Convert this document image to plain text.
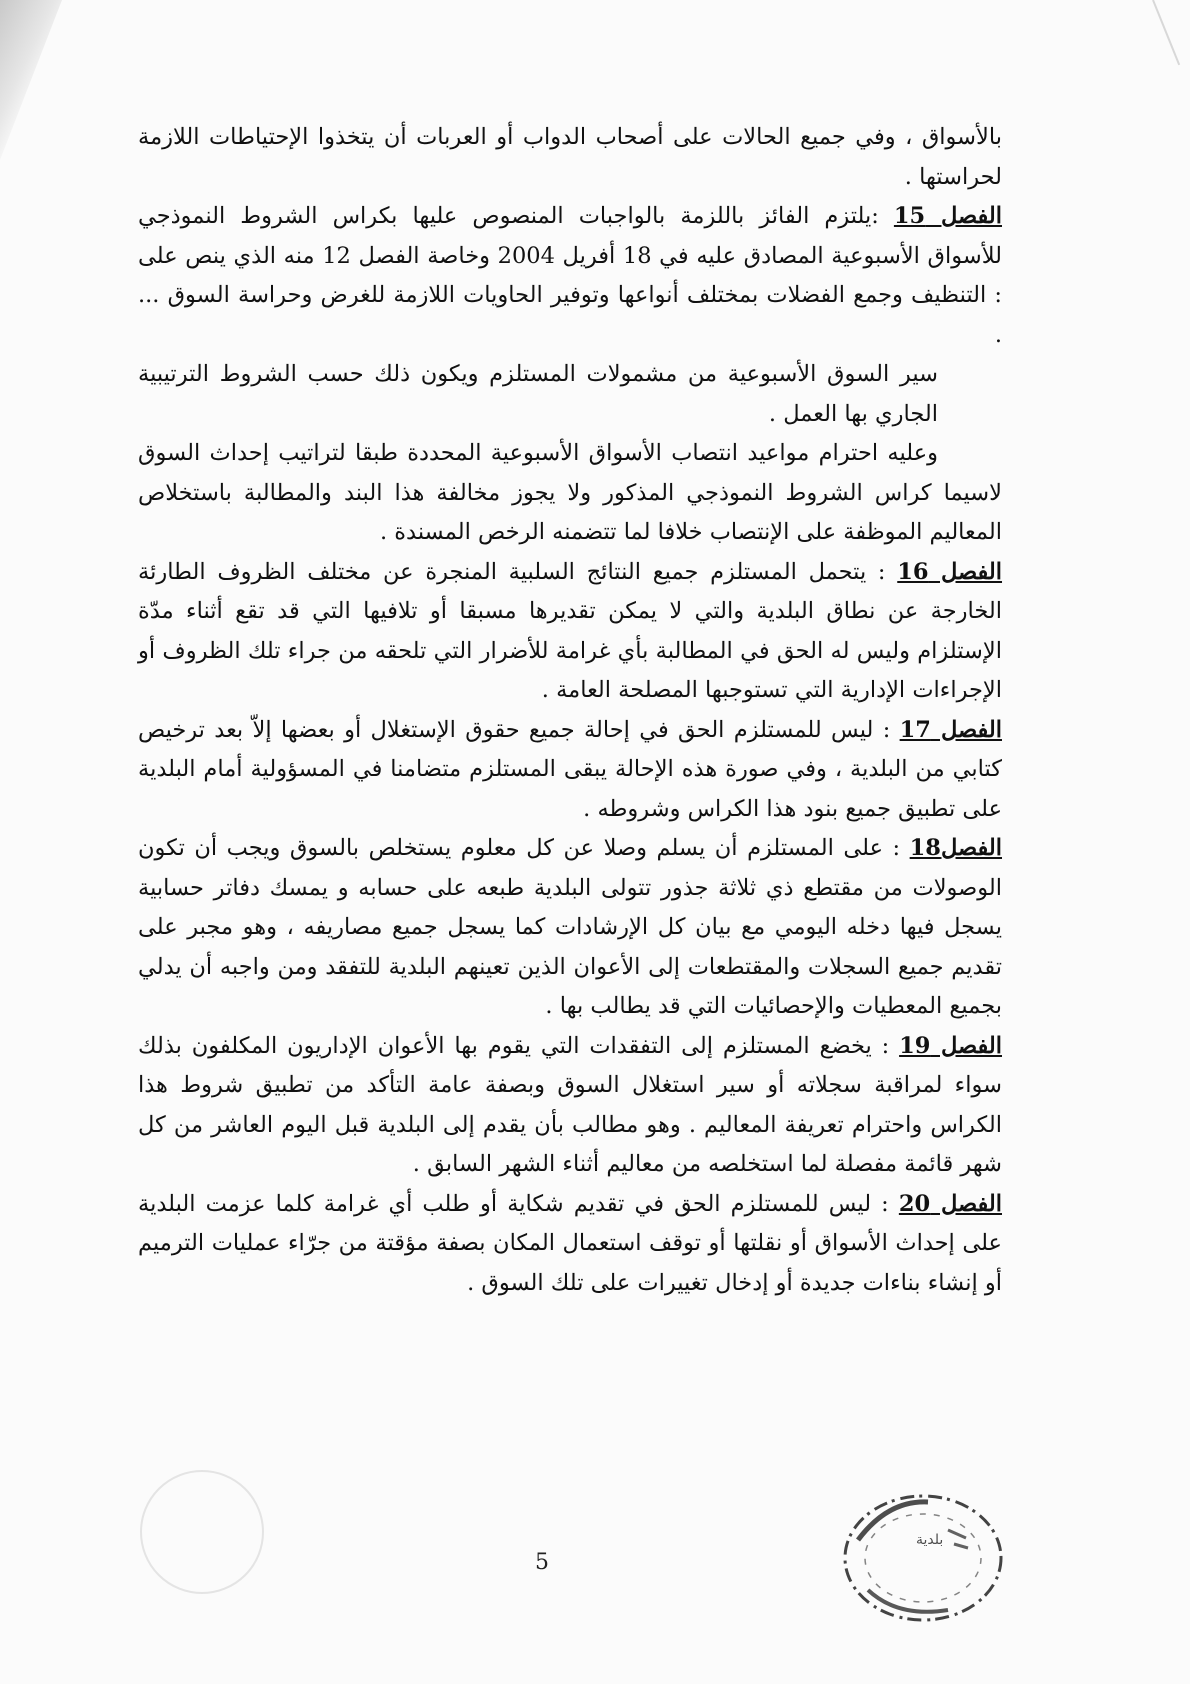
بالأسواق ، وفي جميع الحالات على أصحاب الدواب أو العربات أن يتخذوا الإحتياطات اللازمة لحراستها .

الفصل 15 :يلتزم الفائز باللزمة بالواجبات المنصوص عليها بكراس الشروط النموذجي للأسواق الأسبوعية المصادق عليه في 18 أفريل 2004 وخاصة الفصل 12 منه الذي ينص على : التنظيف وجمع الفضلات بمختلف أنواعها وتوفير الحاويات اللازمة للغرض وحراسة السوق ... .

سير السوق الأسبوعية من مشمولات المستلزم ويكون ذلك حسب الشروط الترتيبية الجاري بها العمل .

وعليه احترام مواعيد انتصاب الأسواق الأسبوعية المحددة طبقا لتراتيب إحداث السوق لاسيما كراس الشروط النموذجي المذكور ولا يجوز مخالفة هذا البند والمطالبة باستخلاص المعاليم الموظفة على الإنتصاب خلافا لما تتضمنه الرخص المسندة .

الفصل 16 : يتحمل المستلزم جميع النتائج السلبية المنجرة عن مختلف الظروف الطارئة الخارجة عن نطاق البلدية والتي لا يمكن تقديرها مسبقا أو تلافيها التي قد تقع أثناء مدّة الإستلزام وليس له الحق في المطالبة بأي غرامة للأضرار التي تلحقه من جراء تلك الظروف أو الإجراءات الإدارية التي تستوجبها المصلحة العامة .

الفصل 17 : ليس للمستلزم الحق في إحالة جميع حقوق الإستغلال أو بعضها إلاّ بعد ترخيص كتابي من البلدية ، وفي صورة هذه الإحالة يبقى المستلزم متضامنا في المسؤولية أمام البلدية على تطبيق جميع بنود هذا الكراس وشروطه .

الفصل18 : على المستلزم أن يسلم وصلا عن كل معلوم يستخلص بالسوق ويجب أن تكون الوصولات من مقتطع ذي ثلاثة جذور تتولى البلدية طبعه على حسابه و يمسك دفاتر حسابية يسجل فيها دخله اليومي مع بيان كل الإرشادات كما يسجل جميع مصاريفه ، وهو مجبر على تقديم جميع السجلات والمقتطعات إلى الأعوان الذين تعينهم البلدية للتفقد ومن واجبه أن يدلي بجميع المعطيات والإحصائيات التي قد يطالب بها .

الفصل 19 : يخضع المستلزم إلى التفقدات التي يقوم بها الأعوان الإداريون المكلفون بذلك سواء لمراقبة سجلاته أو سير استغلال السوق وبصفة عامة التأكد من تطبيق شروط هذا الكراس واحترام تعريفة المعاليم . وهو مطالب بأن يقدم إلى البلدية قبل اليوم العاشر من كل شهر قائمة مفصلة لما استخلصه من معاليم أثناء الشهر السابق .

الفصل 20 : ليس للمستلزم الحق في تقديم شكاية أو طلب أي غرامة كلما عزمت البلدية على إحداث الأسواق أو نقلتها أو توقف استعمال المكان بصفة مؤقتة من جرّاء عمليات الترميم أو إنشاء بناءات جديدة أو إدخال تغييرات على تلك السوق .

بلدية
5
